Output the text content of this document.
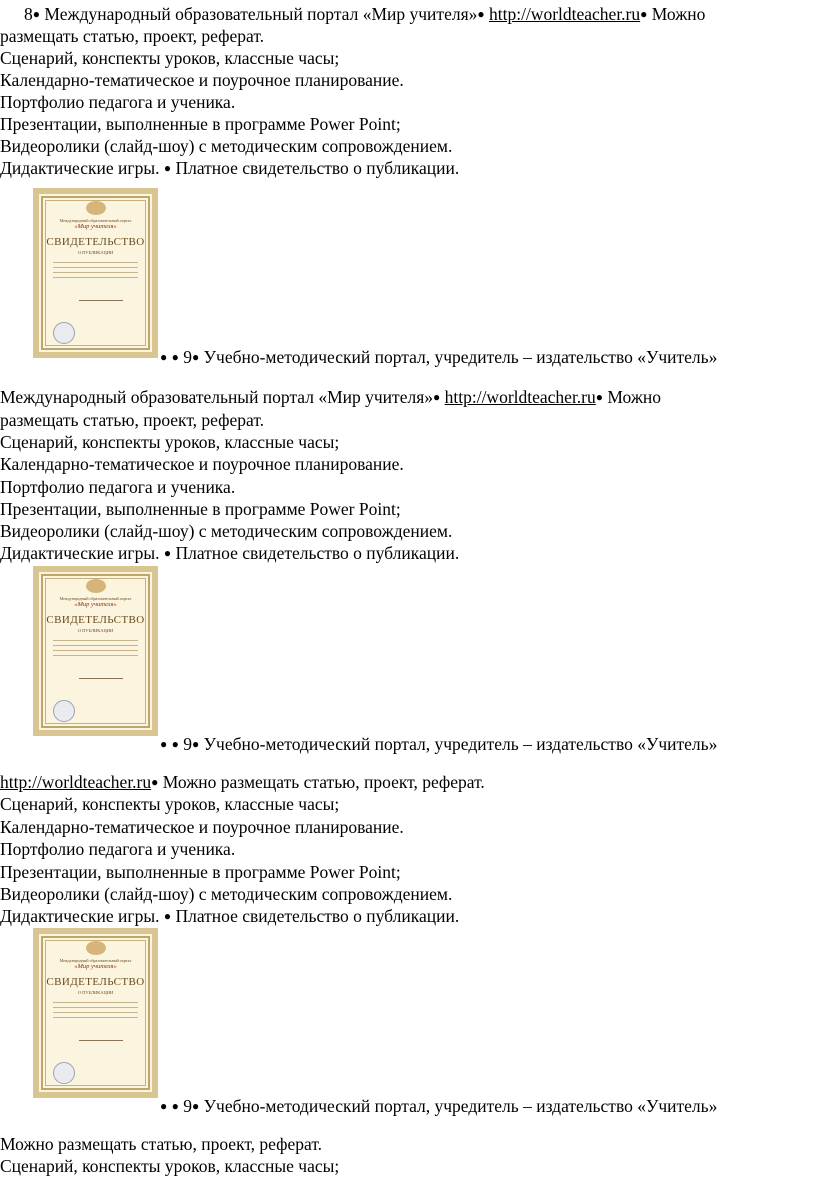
8● Международный образовательный портал «Мир учителя»● http://worldteacher.ru● Можно
размещать статью, проект, реферат.
Сценарий, конспекты уроков, классные часы;
Календарно-тематическое и поурочное планирование.
Портфолио педагога и ученика.
Презентации, выполненные в программе Power Point;
Видеоролики (слайд-шоу) с методическим сопровождением.
Дидактические игры. ● Платное свидетельство о публикации.
Международный образовательный портал
«Мир учителя»
СВИДЕТЕЛЬСТВО
О ПУБЛИКАЦИИ
● ● 9● Учебно-методический портал, учредитель – издательство «Учитель»
Международный образовательный портал «Мир учителя»● http://worldteacher.ru● Можно
размещать статью, проект, реферат.
Сценарий, конспекты уроков, классные часы;
Календарно-тематическое и поурочное планирование.
Портфолио педагога и ученика.
Презентации, выполненные в программе Power Point;
Видеоролики (слайд-шоу) с методическим сопровождением.
Дидактические игры. ● Платное свидетельство о публикации.
Международный образовательный портал
«Мир учителя»
СВИДЕТЕЛЬСТВО
О ПУБЛИКАЦИИ
● ● 9● Учебно-методический портал, учредитель – издательство «Учитель»
http://worldteacher.ru● Можно размещать статью, проект, реферат.
Сценарий, конспекты уроков, классные часы;
Календарно-тематическое и поурочное планирование.
Портфолио педагога и ученика.
Презентации, выполненные в программе Power Point;
Видеоролики (слайд-шоу) с методическим сопровождением.
Дидактические игры. ● Платное свидетельство о публикации.
Международный образовательный портал
«Мир учителя»
СВИДЕТЕЛЬСТВО
О ПУБЛИКАЦИИ
● ● 9● Учебно-методический портал, учредитель – издательство «Учитель»
Можно размещать статью, проект, реферат.
Сценарий, конспекты уроков, классные часы;
